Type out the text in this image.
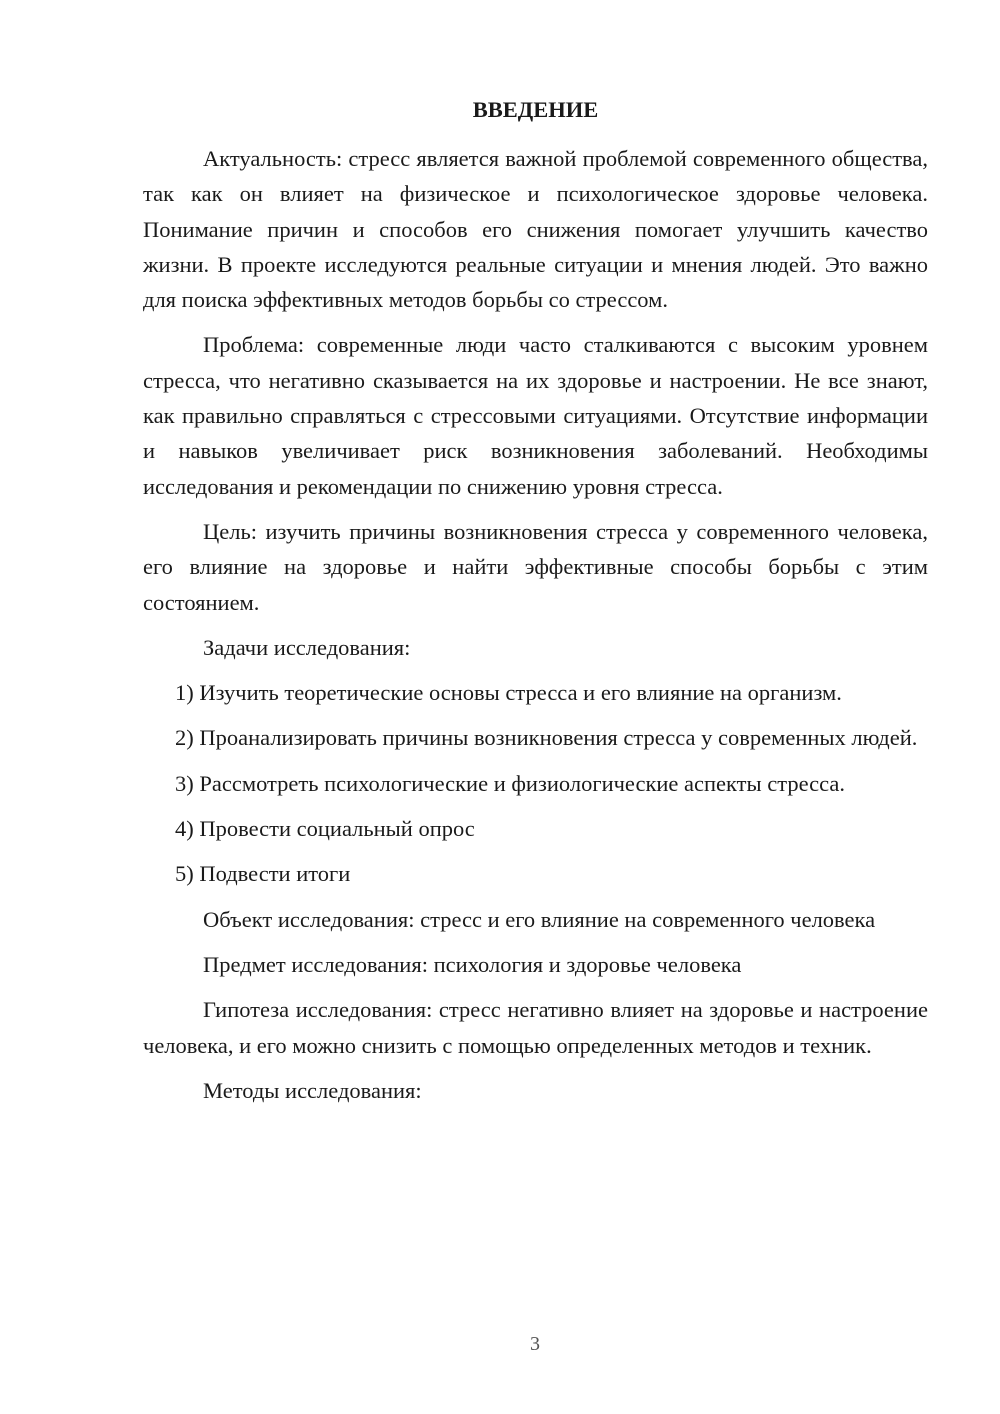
ВВЕДЕНИЕ

Актуальность: стресс является важной проблемой современного общества, так как он влияет на физическое и психологическое здоровье человека. Понимание причин и способов его снижения помогает улучшить качество жизни. В проекте исследуются реальные ситуации и мнения людей. Это важно для поиска эффективных методов борьбы со стрессом.

Проблема: современные люди часто сталкиваются с высоким уровнем стресса, что негативно сказывается на их здоровье и настроении. Не все знают, как правильно справляться с стрессовыми ситуациями. Отсутствие информации и навыков увеличивает риск возникновения заболеваний. Необходимы исследования и рекомендации по снижению уровня стресса.

Цель: изучить причины возникновения стресса у современного человека, его влияние на здоровье и найти эффективные способы борьбы с этим состоянием.

Задачи исследования:

1) Изучить теоретические основы стресса и его влияние на организм.

2) Проанализировать причины возникновения стресса у современных людей.

3) Рассмотреть психологические и физиологические аспекты стресса.

4) Провести социальный опрос

5) Подвести итоги

Объект исследования: стресс и его влияние на современного человека

Предмет исследования: психология и здоровье человека

Гипотеза исследования: стресс негативно влияет на здоровье и настроение человека, и его можно снизить с помощью определенных методов и техник.

Методы исследования:

3
